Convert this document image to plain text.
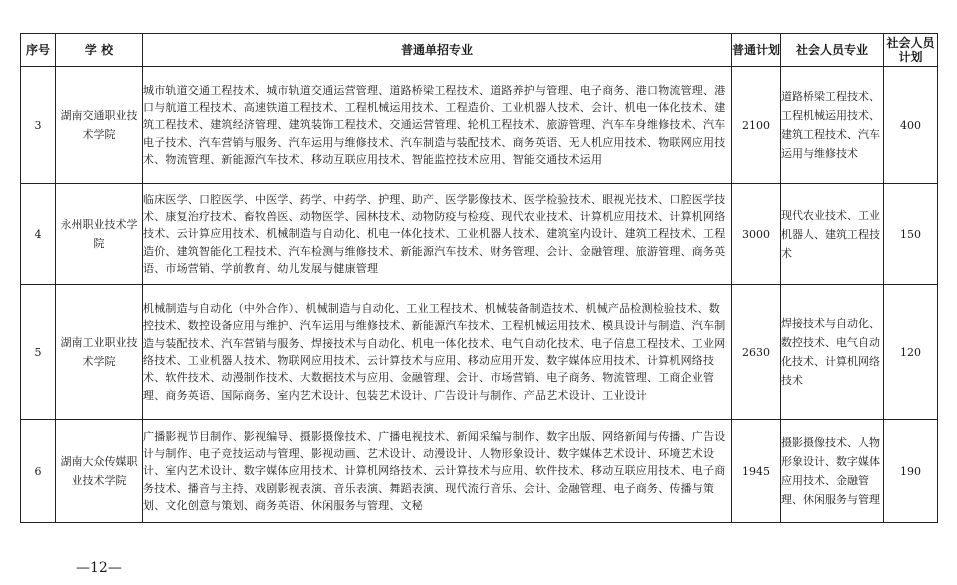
序号	学 校	普通单招专业	普通计划	社会人员专业	社会人员计划
3	湖南交通职业技术学院	城市轨道交通工程技术、城市轨道交通运营管理、道路桥梁工程技术、道路养护与管理、电子商务、港口物流管理、港口与航道工程技术、高速铁道工程技术、工程机械运用技术、工程造价、工业机器人技术、会计、机电一体化技术、建筑工程技术、建筑经济管理、建筑装饰工程技术、交通运营管理、轮机工程技术、旅游管理、汽车车身维修技术、汽车电子技术、汽车营销与服务、汽车运用与维修技术、汽车制造与装配技术、商务英语、无人机应用技术、物联网应用技术、物流管理、新能源汽车技术、移动互联应用技术、智能监控技术应用、智能交通技术运用	2100	道路桥梁工程技术、工程机械运用技术、建筑工程技术、汽车运用与维修技术	400
4	永州职业技术学院	临床医学、口腔医学、中医学、药学、中药学、护理、助产、医学影像技术、医学检验技术、眼视光技术、口腔医学技术、康复治疗技术、畜牧兽医、动物医学、园林技术、动物防疫与检疫、现代农业技术、计算机应用技术、计算机网络技术、云计算应用技术、机械制造与自动化、机电一体化技术、工业机器人技术、建筑室内设计、建筑工程技术、工程造价、建筑智能化工程技术、汽车检测与维修技术、新能源汽车技术、财务管理、会计、金融管理、旅游管理、商务英语、市场营销、学前教育、幼儿发展与健康管理	3000	现代农业技术、工业机器人、建筑工程技术	150
5	湖南工业职业技术学院	机械制造与自动化（中外合作）、机械制造与自动化、工业工程技术、机械装备制造技术、机械产品检测检验技术、数控技术、数控设备应用与维护、汽车运用与维修技术、新能源汽车技术、工程机械运用技术、模具设计与制造、汽车制造与装配技术、汽车营销与服务、焊接技术与自动化、机电一体化技术、电气自动化技术、电子信息工程技术、工业网络技术、工业机器人技术、物联网应用技术、云计算技术与应用、移动应用开发、数字媒体应用技术、计算机网络技术、软件技术、动漫制作技术、大数据技术与应用、金融管理、会计、市场营销、电子商务、物流管理、工商企业管理、商务英语、国际商务、室内艺术设计、包装艺术设计、广告设计与制作、产品艺术设计、工业设计	2630	焊接技术与自动化、数控技术、电气自动化技术、计算机网络技术	120
6	湖南大众传媒职业技术学院	广播影视节目制作、影视编导、摄影摄像技术、广播电视技术、新闻采编与制作、数字出版、网络新闻与传播、广告设计与制作、电子竞技运动与管理、影视动画、艺术设计、动漫设计、人物形象设计、数字媒体艺术设计、环境艺术设计、室内艺术设计、数字媒体应用技术、计算机网络技术、云计算技术与应用、软件技术、移动互联应用技术、电子商务技术、播音与主持、戏剧影视表演、音乐表演、舞蹈表演、现代流行音乐、会计、金融管理、电子商务、传播与策划、文化创意与策划、商务英语、休闲服务与管理、文秘	1945	摄影摄像技术、人物形象设计、数字媒体应用技术、金融管理、休闲服务与管理	190
—12—
